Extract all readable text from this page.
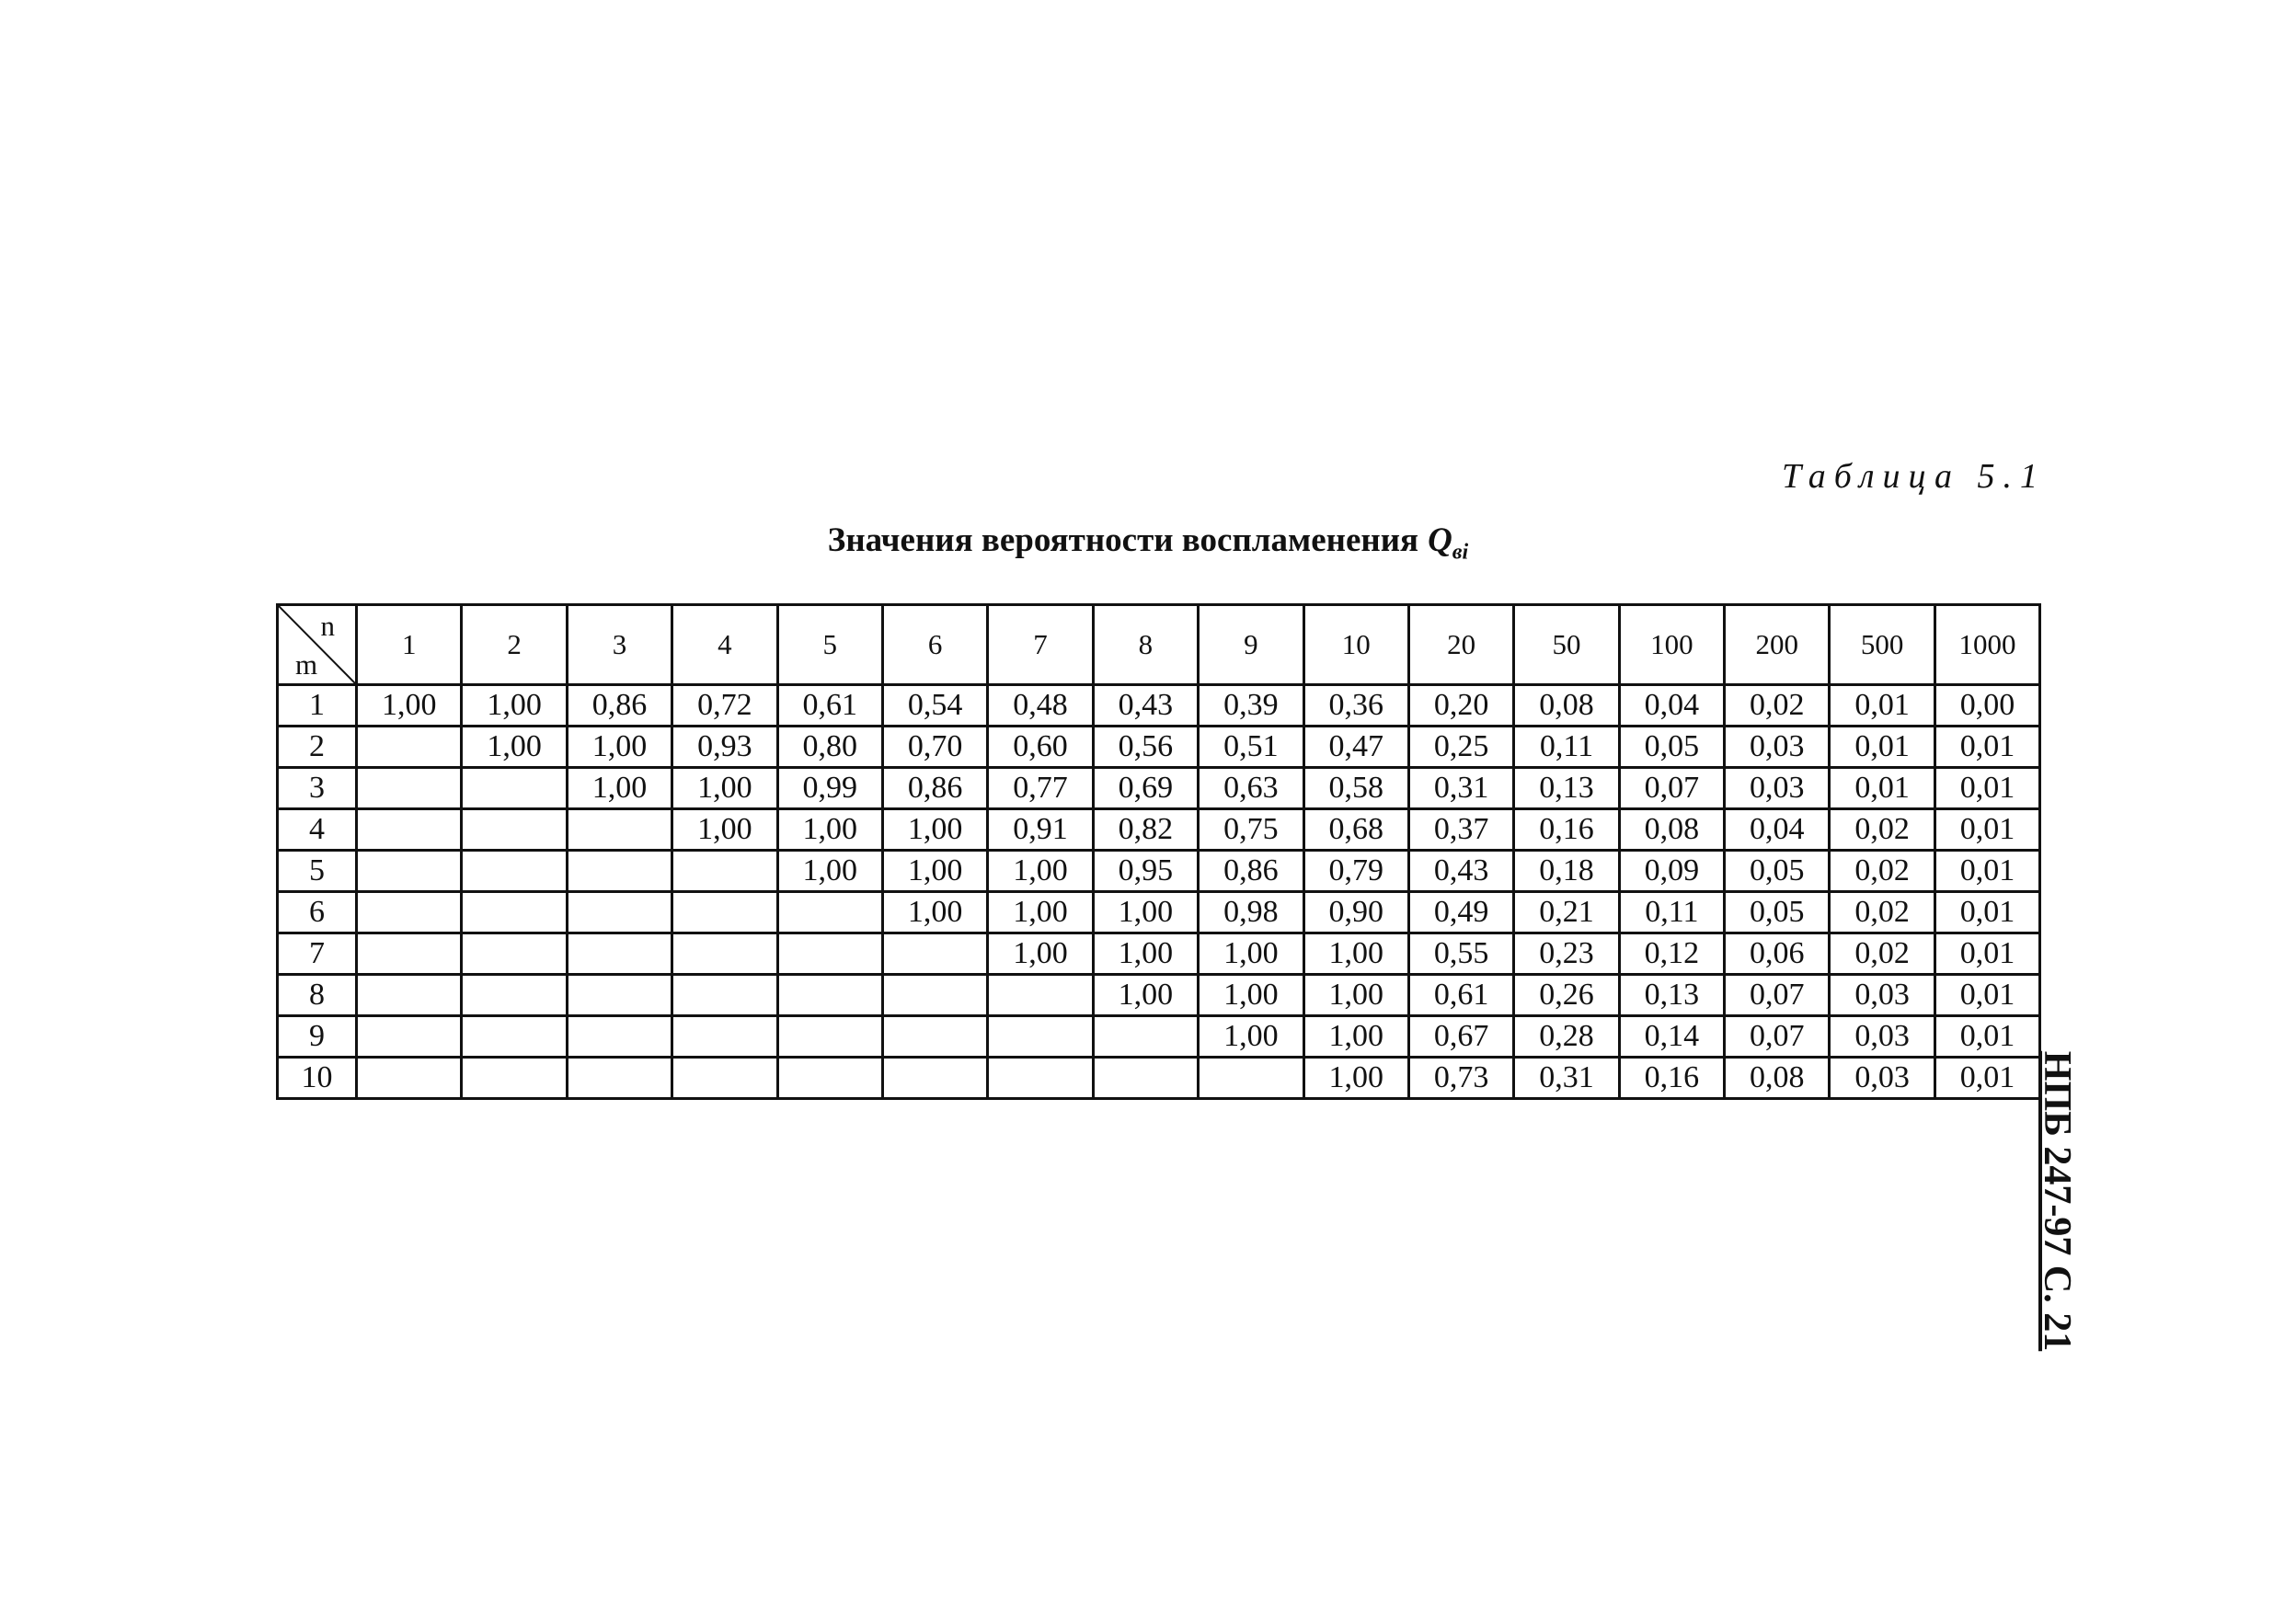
Таблица 5.1
Значения вероятности воспламенения $Q_{вi}$
n
m	1	2	3	4	5	6	7	8	9	10	20	50	100	200	500	1000
1	1,00	1,00	0,86	0,72	0,61	0,54	0,48	0,43	0,39	0,36	0,20	0,08	0,04	0,02	0,01	0,00
2		1,00	1,00	0,93	0,80	0,70	0,60	0,56	0,51	0,47	0,25	0,11	0,05	0,03	0,01	0,01
3			1,00	1,00	0,99	0,86	0,77	0,69	0,63	0,58	0,31	0,13	0,07	0,03	0,01	0,01
4				1,00	1,00	1,00	0,91	0,82	0,75	0,68	0,37	0,16	0,08	0,04	0,02	0,01
5					1,00	1,00	1,00	0,95	0,86	0,79	0,43	0,18	0,09	0,05	0,02	0,01
6						1,00	1,00	1,00	0,98	0,90	0,49	0,21	0,11	0,05	0,02	0,01
7							1,00	1,00	1,00	1,00	0,55	0,23	0,12	0,06	0,02	0,01
8								1,00	1,00	1,00	0,61	0,26	0,13	0,07	0,03	0,01
9									1,00	1,00	0,67	0,28	0,14	0,07	0,03	0,01
10										1,00	0,73	0,31	0,16	0,08	0,03	0,01 НПБ 247-97 С. 21
